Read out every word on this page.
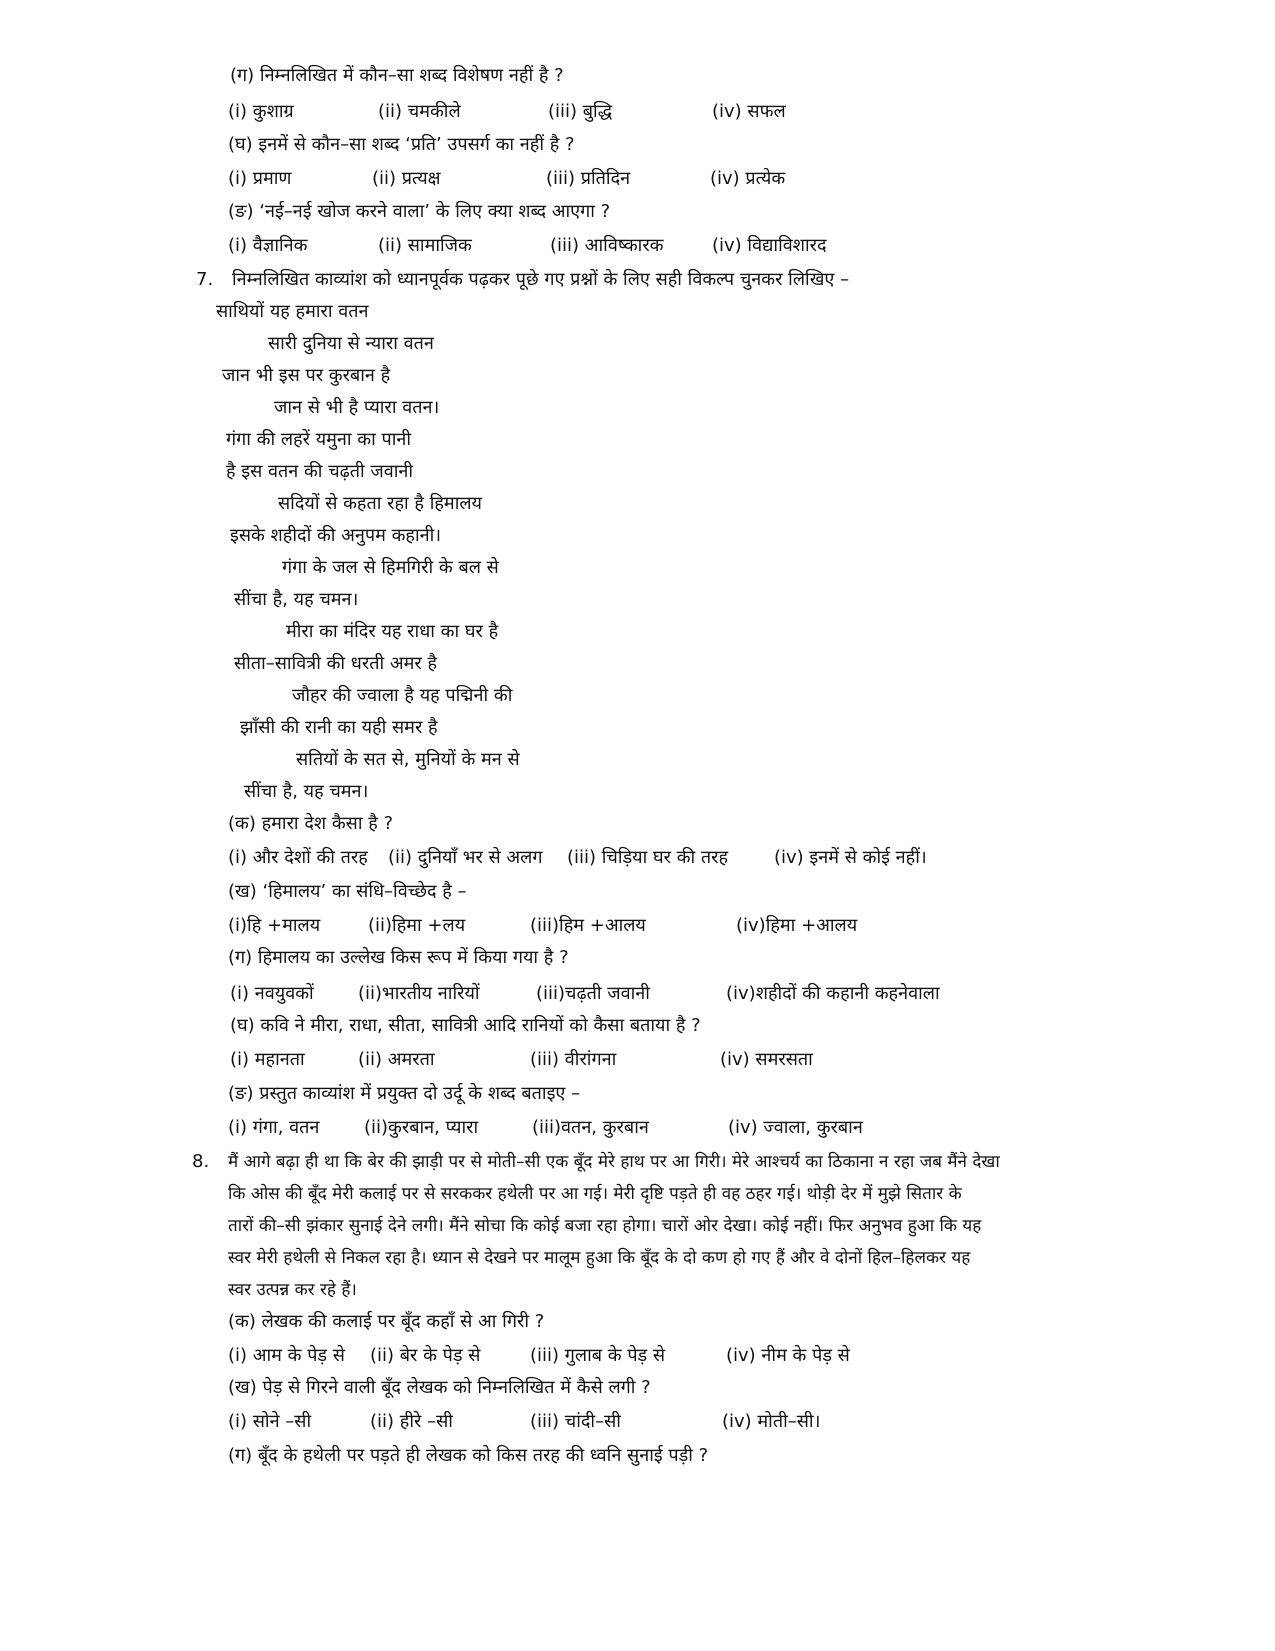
(ग) निम्नलिखित में कौन–सा शब्द विशेषण नहीं है ?
(i) कुशाग्र	(ii) चमकीले	(iii) बुद्धि	(iv) सफल
(घ) इनमें से कौन–सा शब्द ‘प्रति’ उपसर्ग का नहीं है ?
(i) प्रमाण	(ii) प्रत्यक्ष	(iii) प्रतिदिन	(iv) प्रत्येक
(ङ) ‘नई–नई खोज करने वाला’ के लिए क्या शब्द आएगा ?
(i) वैज्ञानिक	(ii) सामाजिक	(iii) आविष्कारक	(iv) विद्याविशारद
7. निम्नलिखित काव्यांश को ध्यानपूर्वक पढ़कर पूछे गए प्रश्नों के लिए सही विकल्प चुनकर लिखिए –
साथियों यह हमारा वतन
सारी दुनिया से न्यारा वतन
जान भी इस पर कुरबान है
जान से भी है प्यारा वतन।
गंगा की लहरें यमुना का पानी
है इस वतन की चढ़ती जवानी
सदियों से कहता रहा है हिमालय
इसके शहीदों की अनुपम कहानी।
गंगा के जल से हिमगिरी के बल से
सींचा है, यह चमन।
मीरा का मंदिर यह राधा का घर है
सीता–सावित्री की धरती अमर है
जौहर की ज्वाला है यह पद्मिनी की
झाँसी की रानी का यही समर है
सतियों के सत से, मुनियों के मन से
सींचा है, यह चमन।
(क) हमारा देश कैसा है ?
(i) और देशों की तरह (ii) दुनियाँ भर से अलग (iii) चिड़िया घर की तरह	(iv) इनमें से कोई नहीं।
(ख) ‘हिमालय’ का संधि–विच्छेद है –
(i)हि +मालय	(ii)हिमा +लय	(iii)हिम +आलय	(iv)हिमा +आलय
(ग) हिमालय का उल्लेख किस रूप में किया गया है ?
(i) नवयुवकों (ii)भारतीय नारियों	(iii)चढ़ती जवानी	(iv)शहीदों की कहानी कहनेवाला
(घ) कवि ने मीरा, राधा, सीता, सावित्री आदि रानियों को कैसा बताया है ?
(i) महानता	(ii) अमरता	(iii) वीरांगना	(iv) समरसता
(ङ) प्रस्तुत काव्यांश में प्रयुक्त दो उर्दू के शब्द बताइए –
(i) गंगा, वतन (ii)कुरबान, प्यारा	(iii)वतन, कुरबान	(iv) ज्वाला, कुरबान
8. मैं आगे बढ़ा ही था कि बेर की झाड़ी पर से मोती–सी एक बूँद मेरे हाथ पर आ गिरी। मेरे आश्चर्य का ठिकाना न रहा जब मैंने देखा
कि ओस की बूँद मेरी कलाई पर से सरककर हथेली पर आ गई। मेरी दृष्टि पड़ते ही वह ठहर गई। थोड़ी देर में मुझे सितार के
तारों की–सी झंकार सुनाई देने लगी। मैंने सोचा कि कोई बजा रहा होगा। चारों ओर देखा। कोई नहीं। फिर अनुभव हुआ कि यह
स्वर मेरी हथेली से निकल रहा है। ध्यान से देखने पर मालूम हुआ कि बूँद के दो कण हो गए हैं और वे दोनों हिल–हिलकर यह
स्वर उत्पन्न कर रहे हैं।
(क) लेखक की कलाई पर बूँद कहाँ से आ गिरी ?
(i) आम के पेड़ से (ii) बेर के पेड़ से	(iii) गुलाब के पेड़ से	(iv) नीम के पेड़ से
(ख) पेड़ से गिरने वाली बूँद लेखक को निम्नलिखित में कैसे लगी ?
(i) सोने –सी	(ii) हीरे –सी	(iii) चांदी–सी	(iv) मोती–सी।
(ग) बूँद के हथेली पर पड़ते ही लेखक को किस तरह की ध्वनि सुनाई पड़ी ?
